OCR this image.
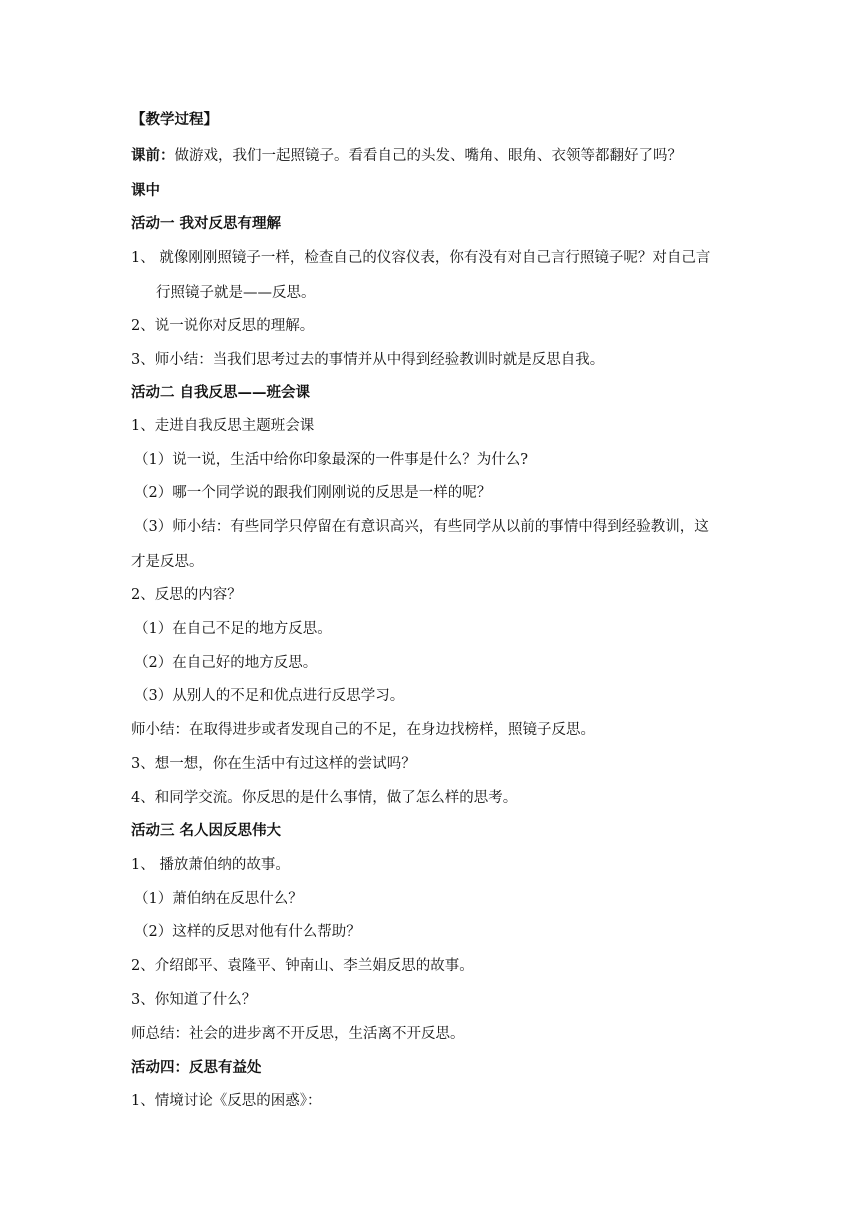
【教学过程】
课前：做游戏，我们一起照镜子。看看自己的头发、嘴角、眼角、衣领等都翻好了吗？
课中
活动一 我对反思有理解
1、 就像刚刚照镜子一样，检查自己的仪容仪表，你有没有对自己言行照镜子呢？对自己言
行照镜子就是——反思。
2、说一说你对反思的理解。
3、师小结：当我们思考过去的事情并从中得到经验教训时就是反思自我。
活动二 自我反思——班会课
1、走进自我反思主题班会课
（1）说一说，生活中给你印象最深的一件事是什么？为什么?
（2）哪一个同学说的跟我们刚刚说的反思是一样的呢？
（3）师小结：有些同学只停留在有意识高兴，有些同学从以前的事情中得到经验教训，这
才是反思。
2、反思的内容？
（1）在自己不足的地方反思。
（2）在自己好的地方反思。
（3）从别人的不足和优点进行反思学习。
师小结：在取得进步或者发现自己的不足，在身边找榜样，照镜子反思。
3、想一想，你在生活中有过这样的尝试吗？
4、和同学交流。你反思的是什么事情，做了怎么样的思考。
活动三 名人因反思伟大
1、 播放萧伯纳的故事。
（1）萧伯纳在反思什么？
（2）这样的反思对他有什么帮助？
2、介绍郎平、袁隆平、钟南山、李兰娟反思的故事。
3、你知道了什么？
师总结：社会的进步离不开反思，生活离不开反思。
活动四：反思有益处
1、情境讨论《反思的困惑》：
